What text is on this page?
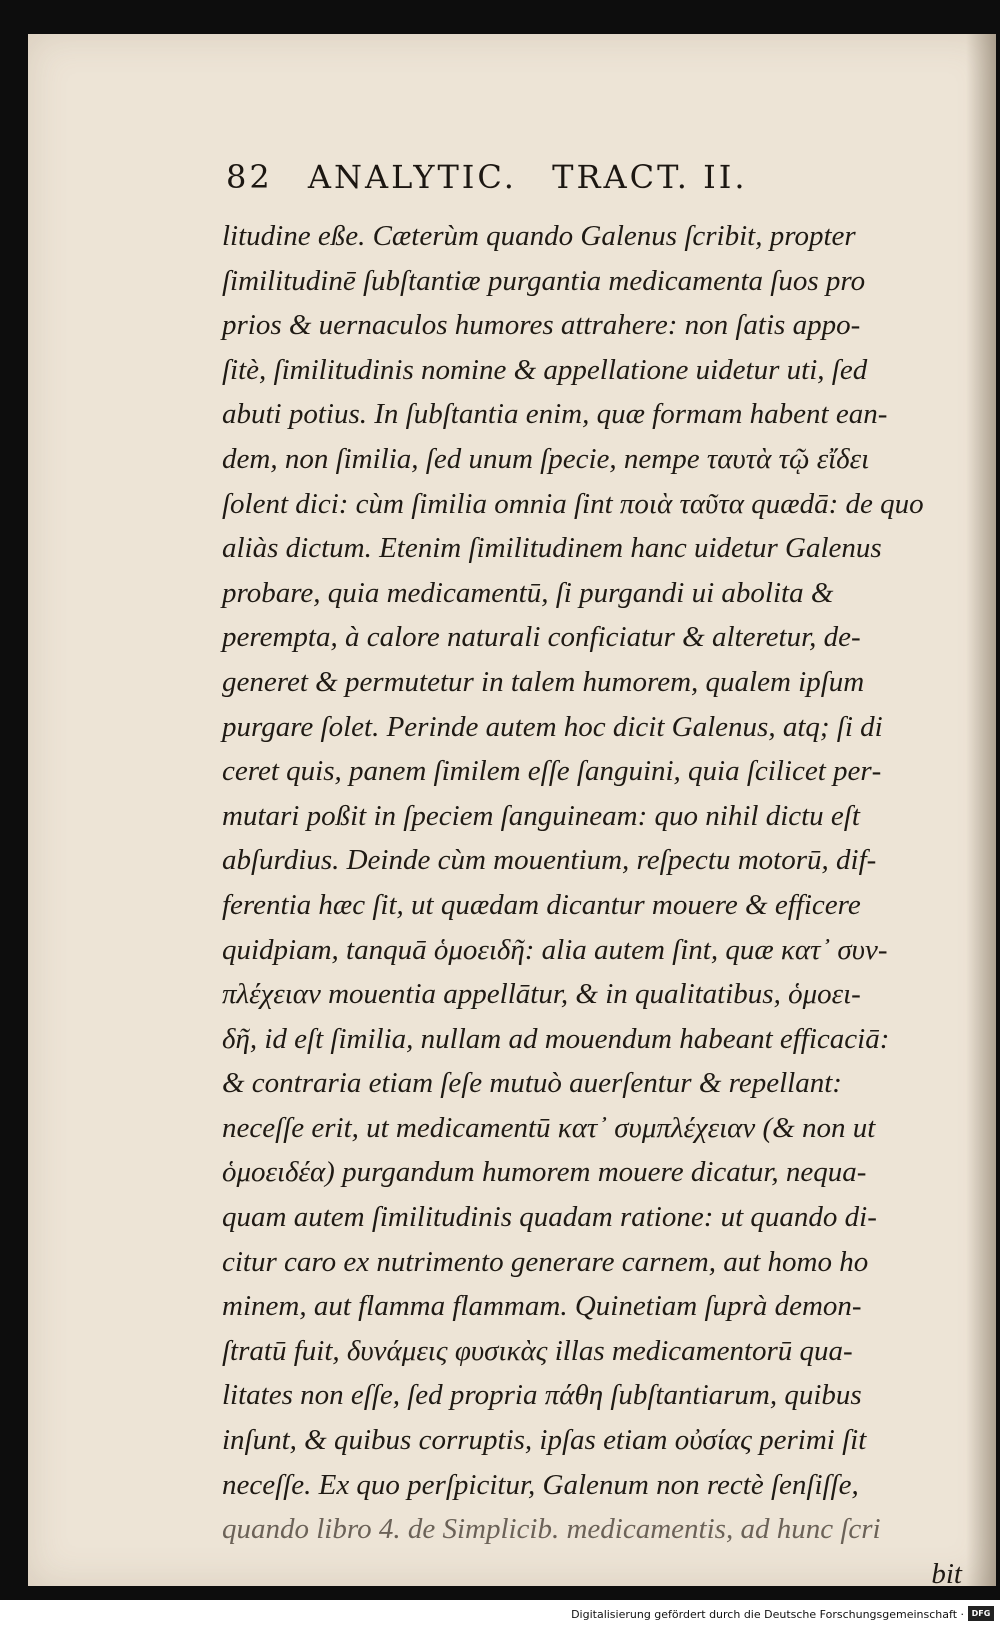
82 ANALYTIC. TRACT. II.
litudine eße. Cæterùm quando Galenus ſcribit, propter
ſimilitudinē ſubſtantiæ purgantia medicamenta ſuos pro
prios & uernaculos humores attrahere: non ſatis appo‐
ſitè, ſimilitudinis nomine & appellatione uidetur uti, ſed
abuti potius. In ſubſtantia enim, quæ formam habent ean‐
dem, non ſimilia, ſed unum ſpecie, nempe ταυτὰ τῷ εἴδει
ſolent dici: cùm ſimilia omnia ſint ποιὰ ταῦτα quædā: de quo
aliàs dictum. Etenim ſimilitudinem hanc uidetur Galenus
probare, quia medicamentū, ſi purgandi ui abolita &
perempta, à calore naturali conficiatur & alteretur, de‐
generet & permutetur in talem humorem, qualem ipſum
purgare ſolet. Perinde autem hoc dicit Galenus, atq; ſi di
ceret quis, panem ſimilem eſſe ſanguini, quia ſcilicet per‐
mutari poßit in ſpeciem ſanguineam: quo nihil dictu eſt
abſurdius. Deinde cùm mouentium, reſpectu motorū, dif‐
ferentia hæc ſit, ut quædam dicantur mouere & efficere
quidpiam, tanquā ὁμοειδῆ: alia autem ſint, quæ κατ᾽ συν‐
πλέχειαν mouentia appellātur, & in qualitatibus, ὁμοει‐
δῆ, id eſt ſimilia, nullam ad mouendum habeant efficaciā:
& contraria etiam ſeſe mutuò auerſentur & repellant:
neceſſe erit, ut medicamentū κατ᾽ συμπλέχειαν (& non ut
ὁμοειδέα) purgandum humorem mouere dicatur, nequa‐
quam autem ſimilitudinis quadam ratione: ut quando di‐
citur caro ex nutrimento generare carnem, aut homo ho
minem, aut flamma flammam. Quinetiam ſuprà demon‐
ſtratū fuit, δυνάμεις φυσικὰς illas medicamentorū qua‐
litates non eſſe, ſed propria πάθη ſubſtantiarum, quibus
inſunt, & quibus corruptis, ipſas etiam οὐσίας perimi ſit
neceſſe. Ex quo perſpicitur, Galenum non rectè ſenſiſſe,
quando libro 4. de Simplicib. medicamentis, ad hunc ſcri
bit
Digitalisierung gefördert durch die Deutsche Forschungsgemeinschaft · DFG
